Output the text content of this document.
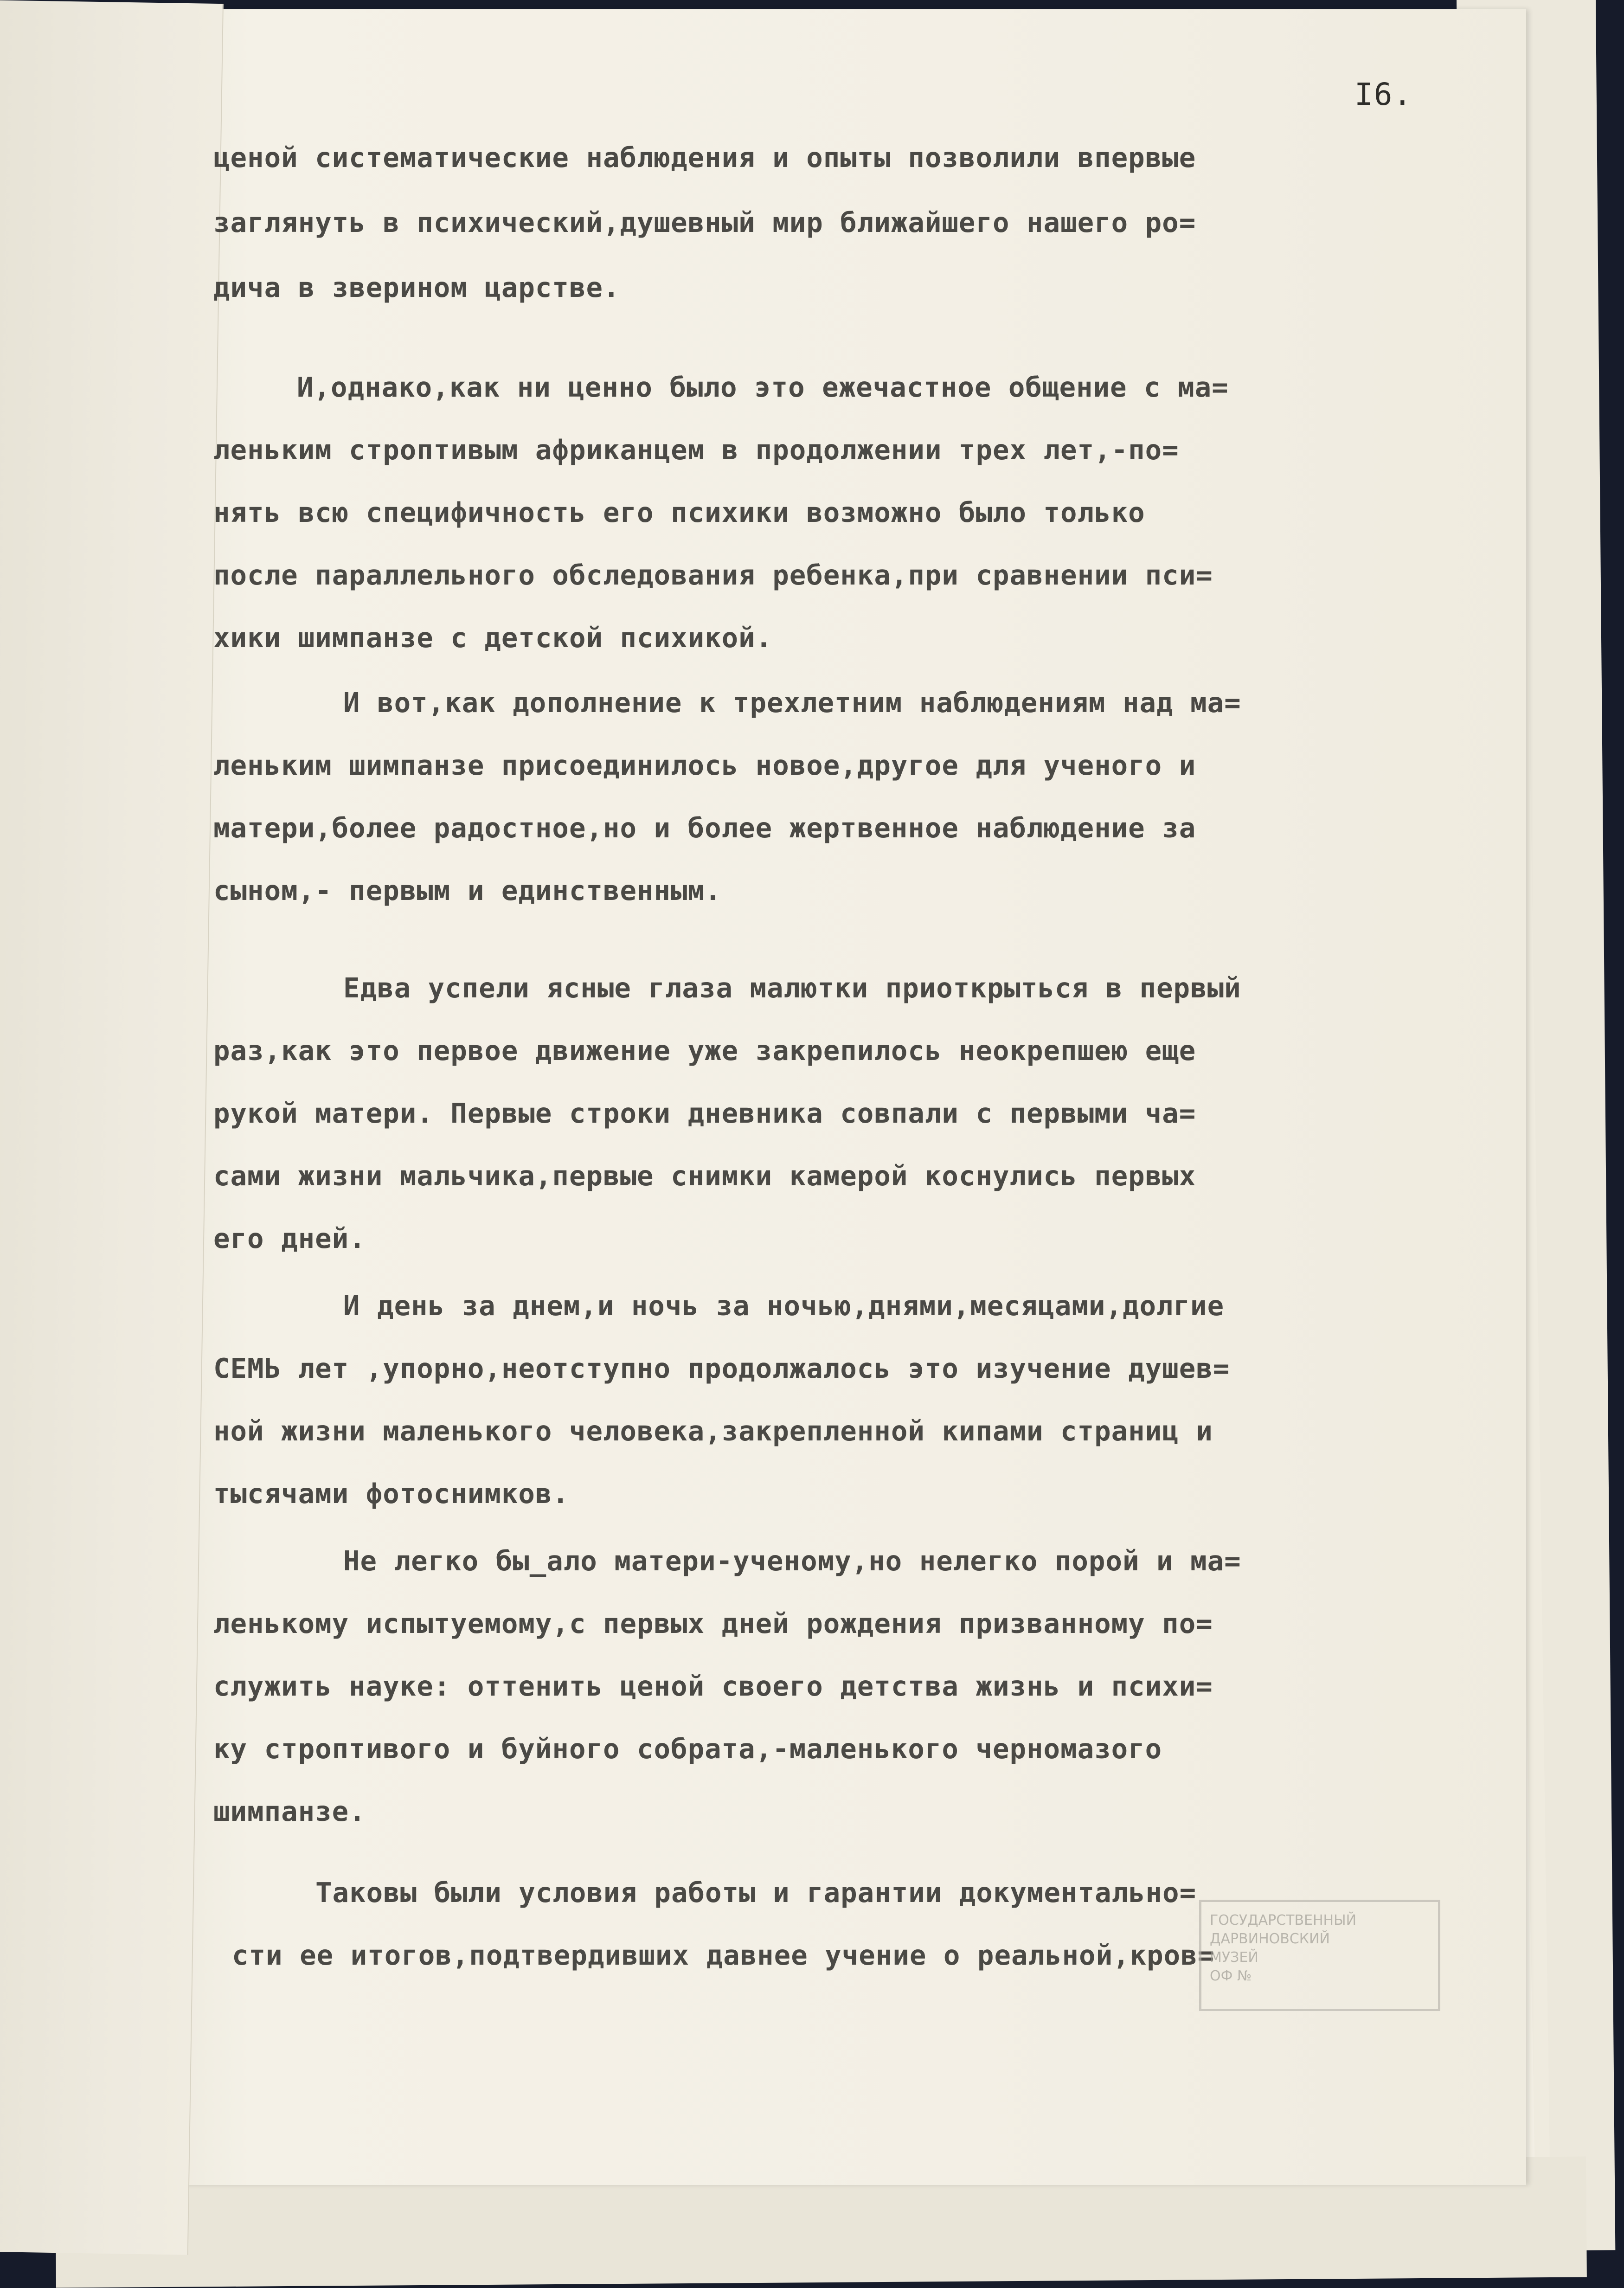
I6.
ценой систематические наблюдения и опыты позволили впервые
заглянуть в психический,душевный мир ближайшего нашего ро=
дича в зверином царстве.
И,однако,как ни ценно было это ежечастное общение с ма=
леньким строптивым африканцем в продолжении трех лет,-по=
нять всю специфичность его психики возможно было только
после параллельного обследования ребенка,при сравнении пси=
хики шимпанзе с детской психикой.
И вот,как дополнение к трехлетним наблюдениям над ма=
леньким шимпанзе присоединилось новое,другое для ученого и
матери,более радостное,но и более жертвенное наблюдение за
сыном,- первым и единственным.
Едва успели ясные глаза малютки приоткрыться в первый
раз,как это первое движение уже закрепилось неокрепшею еще
рукой матери. Первые строки дневника совпали с первыми ча=
сами жизни мальчика,первые снимки камерой коснулись первых
его дней.
И день за днем,и ночь за ночью,днями,месяцами,долгие
СЕМЬ лет ,упорно,неотступно продолжалось это изучение душев=
ной жизни маленького человека,закрепленной кипами страниц и
тысячами фотоснимков.
Не легко бы_ало матери-ученому,но нелегко порой и ма=
ленькому испытуемому,с первых дней рождения призванному по=
служить науке: оттенить ценой своего детства жизнь и психи=
ку строптивого и буйного собрата,-маленького черномазого
шимпанзе.
Таковы были условия работы и гарантии документально=
сти ее итогов,подтвердивших давнее учение о реальной,кров=
ГОСУДАРСТВЕННЫЙ
ДАРВИНОВСКИЙ
МУЗЕЙ
ОФ №
